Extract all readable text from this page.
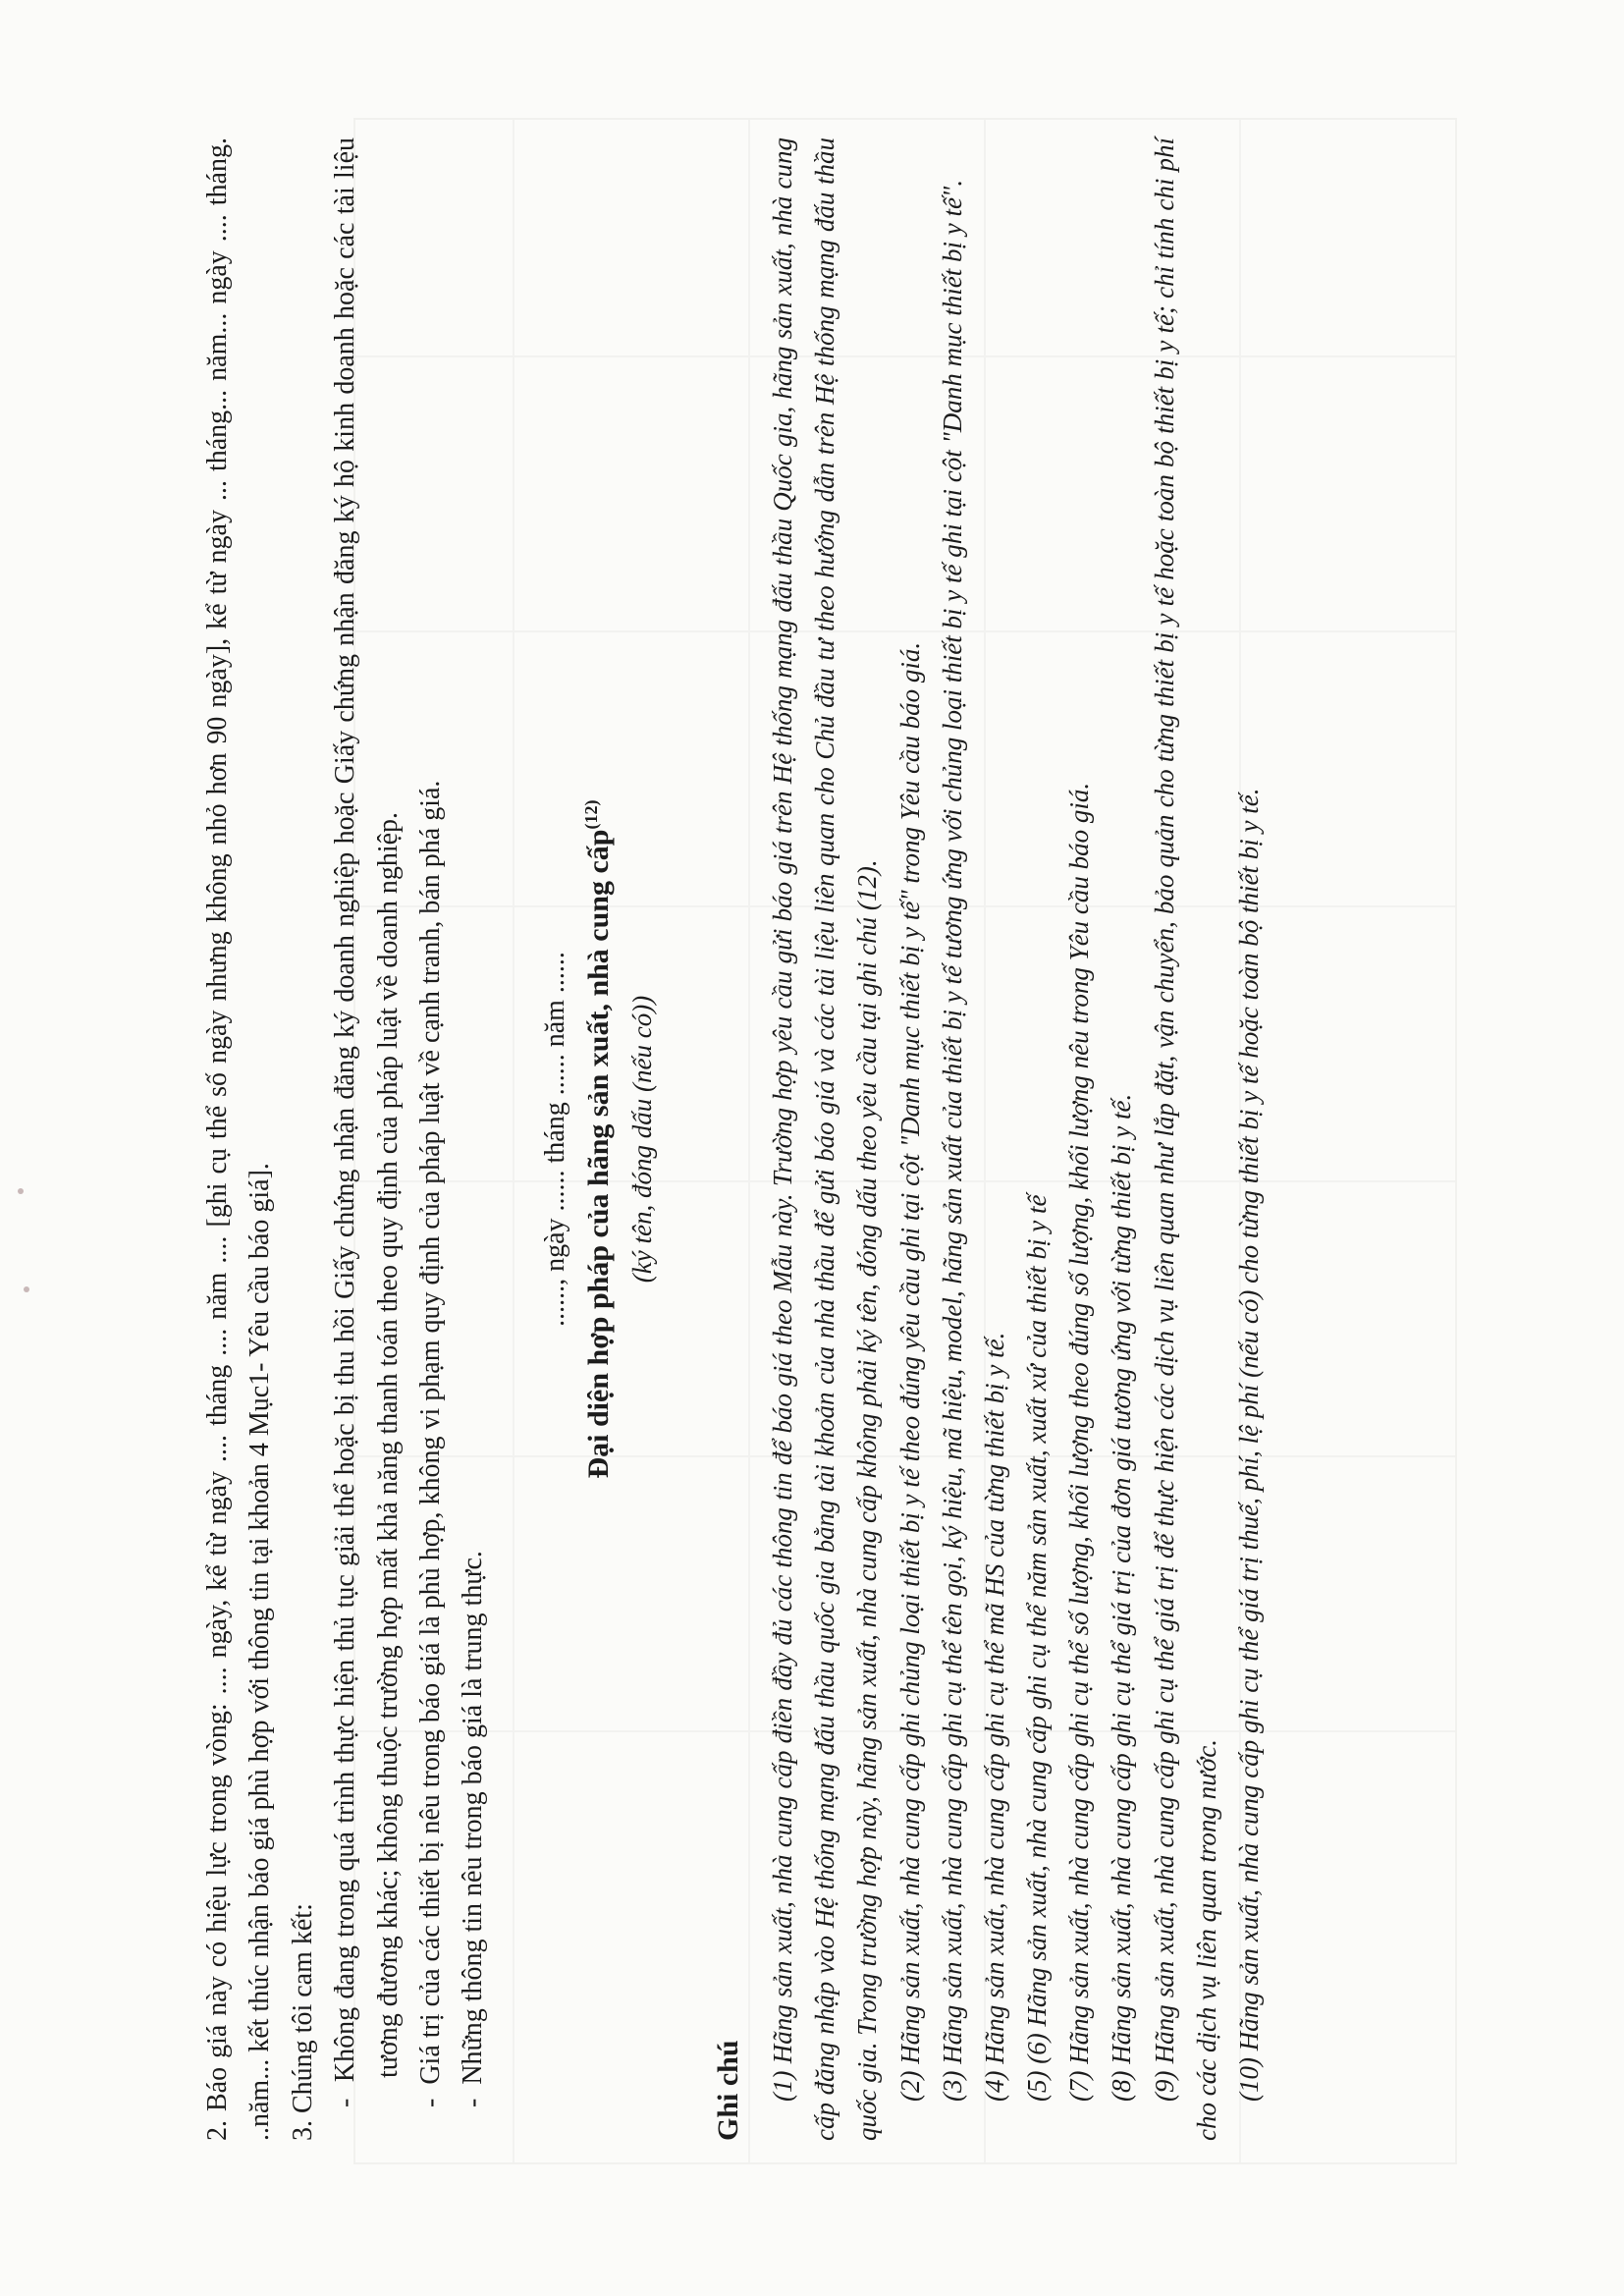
2. Báo giá này có hiệu lực trong vòng: .... ngày, kể từ ngày .... tháng .... năm .... [ghi cụ thể số ngày nhưng không nhỏ hơn 90 ngày], kể từ ngày ... tháng... năm... ngày .... tháng. ..năm... kết thúc nhận báo giá phù hợp với thông tin tại khoản 4 Mục1- Yêu cầu báo giá]. 3. Chúng tôi cam kết: -  Không đang trong quá trình thực hiện thủ tục giải thể hoặc bị thu hồi Giấy chứng nhận đăng ký doanh nghiệp hoặc Giấy chứng nhận đăng ký hộ kinh doanh hoặc các tài liệu tương đương khác; không thuộc trường hợp mất khả năng thanh toán theo quy định của pháp luật về doanh nghiệp.

-  Giá trị của các thiết bị nêu trong báo giá là phù hợp, không vi phạm quy định của pháp luật về cạnh tranh, bán phá giá.

-  Những thông tin nêu trong báo giá là trung thực.

......, ngày ...... tháng ...... năm ...... Đại diện hợp pháp của hãng sản xuất, nhà cung cấp$^{(12)}$
(ký tên, đóng dấu (nếu có))
Ghi chú (1) Hãng sản xuất, nhà cung cấp điền đầy đủ các thông tin để báo giá theo Mẫu này. Trường hợp yêu cầu gửi báo giá trên Hệ thống mạng đấu thầu Quốc gia, hãng sản xuất, nhà cung cấp đăng nhập vào Hệ thống mạng đấu thầu quốc gia bằng tài khoản của nhà thầu để gửi báo giá và các tài liệu liên quan cho Chủ đầu tư theo hướng dẫn trên Hệ thống mạng đấu thầu quốc gia. Trong trường hợp này, hãng sản xuất, nhà cung cấp không phải ký tên, đóng dấu theo yêu cầu tại ghi chú (12). (2) Hãng sản xuất, nhà cung cấp ghi chủng loại thiết bị y tế theo đúng yêu cầu ghi tại cột "Danh mục thiết bị y tế" trong Yêu cầu báo giá. (3) Hãng sản xuất, nhà cung cấp ghi cụ thể tên gọi, ký hiệu, mã hiệu, model, hãng sản xuất của thiết bị y tế tương ứng với chủng loại thiết bị y tế ghi tại cột "Danh mục thiết bị y tế". (4) Hãng sản xuất, nhà cung cấp ghi cụ thể mã HS của từng thiết bị y tế. (5) (6) Hãng sản xuất, nhà cung cấp ghi cụ thể năm sản xuất, xuất xứ của thiết bị y tế (7) Hãng sản xuất, nhà cung cấp ghi cụ thể số lượng, khối lượng theo đúng số lượng, khối lượng nêu trong Yêu cầu báo giá. (8) Hãng sản xuất, nhà cung cấp ghi cụ thể giá trị của đơn giá tương ứng với từng thiết bị y tế. (9) Hãng sản xuất, nhà cung cấp ghi cụ thể giá trị để thực hiện các dịch vụ liên quan như lắp đặt, vận chuyển, bảo quản cho từng thiết bị y tế hoặc toàn bộ thiết bị y tế; chỉ tính chi phí cho các dịch vụ liên quan trong nước. (10) Hãng sản xuất, nhà cung cấp ghi cụ thể giá trị thuế, phí, lệ phí (nếu có) cho từng thiết bị y tế hoặc toàn bộ thiết bị y tế.
